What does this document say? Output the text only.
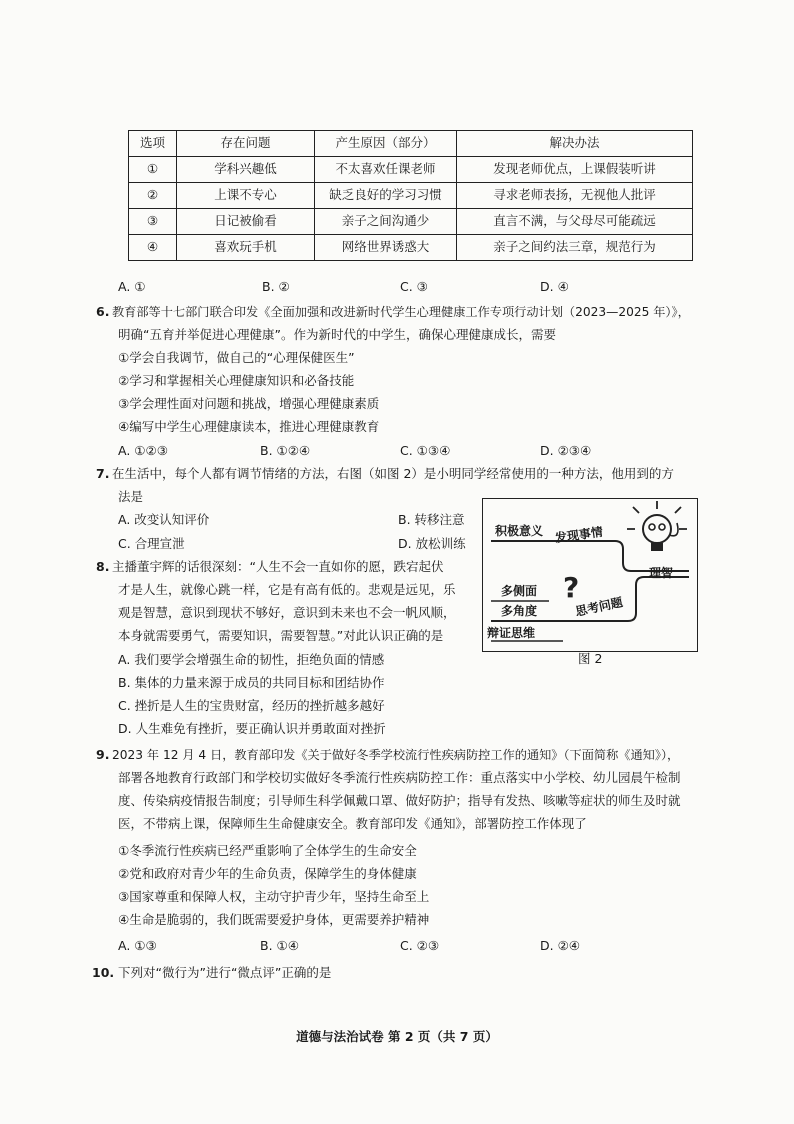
选项	存在问题	产生原因（部分）	解决办法
①	学科兴趣低	不太喜欢任课老师	发现老师优点，上课假装听讲
②	上课不专心	缺乏良好的学习习惯	寻求老师表扬，无视他人批评
③	日记被偷看	亲子之间沟通少	直言不满，与父母尽可能疏远
④	喜欢玩手机	网络世界诱惑大	亲子之间约法三章，规范行为
A. ①	B. ②	C. ③	D. ④
6. 教育部等十七部门联合印发《全面加强和改进新时代学生心理健康工作专项行动计划（2023—2025 年）》，
明确“五育并举促进心理健康”。作为新时代的中学生，确保心理健康成长，需要
①学会自我调节，做自己的“心理保健医生”
②学习和掌握相关心理健康知识和必备技能
③学会理性面对问题和挑战，增强心理健康素质
④编写中学生心理健康读本，推进心理健康教育
A. ①②③	B. ①②④	C. ①③④	D. ②③④
7. 在生活中，每个人都有调节情绪的方法，右图（如图 2）是小明同学经常使用的一种方法，他用到的方
法是
A. 改变认知评价	B. 转移注意
C. 合理宣泄	D. 放松训练
?
积极意义 发现事情
理智
多侧面
多角度	思考问题
辩证思维
图 2
8. 主播董宇辉的话很深刻：“人生不会一直如你的愿，跌宕起伏
才是人生，就像心跳一样，它是有高有低的。悲观是远见，乐
观是智慧，意识到现状不够好，意识到未来也不会一帆风顺，
本身就需要勇气，需要知识，需要智慧。”对此认识正确的是
A. 我们要学会增强生命的韧性，拒绝负面的情感
B. 集体的力量来源于成员的共同目标和团结协作
C. 挫折是人生的宝贵财富，经历的挫折越多越好
D. 人生难免有挫折，要正确认识并勇敢面对挫折
9. 2023 年 12 月 4 日，教育部印发《关于做好冬季学校流行性疾病防控工作的通知》（下面简称《通知》），
部署各地教育行政部门和学校切实做好冬季流行性疾病防控工作：重点落实中小学校、幼儿园晨午检制
度、传染病疫情报告制度；引导师生科学佩戴口罩、做好防护；指导有发热、咳嗽等症状的师生及时就
医，不带病上课，保障师生生命健康安全。教育部印发《通知》，部署防控工作体现了
①冬季流行性疾病已经严重影响了全体学生的生命安全
②党和政府对青少年的生命负责，保障学生的身体健康
③国家尊重和保障人权，主动守护青少年，坚持生命至上
④生命是脆弱的，我们既需要爱护身体，更需要养护精神
A. ①③	B. ①④	C. ②③	D. ②④
10. 下列对“微行为”进行“微点评”正确的是
道德与法治试卷 第 2 页（共 7 页）
